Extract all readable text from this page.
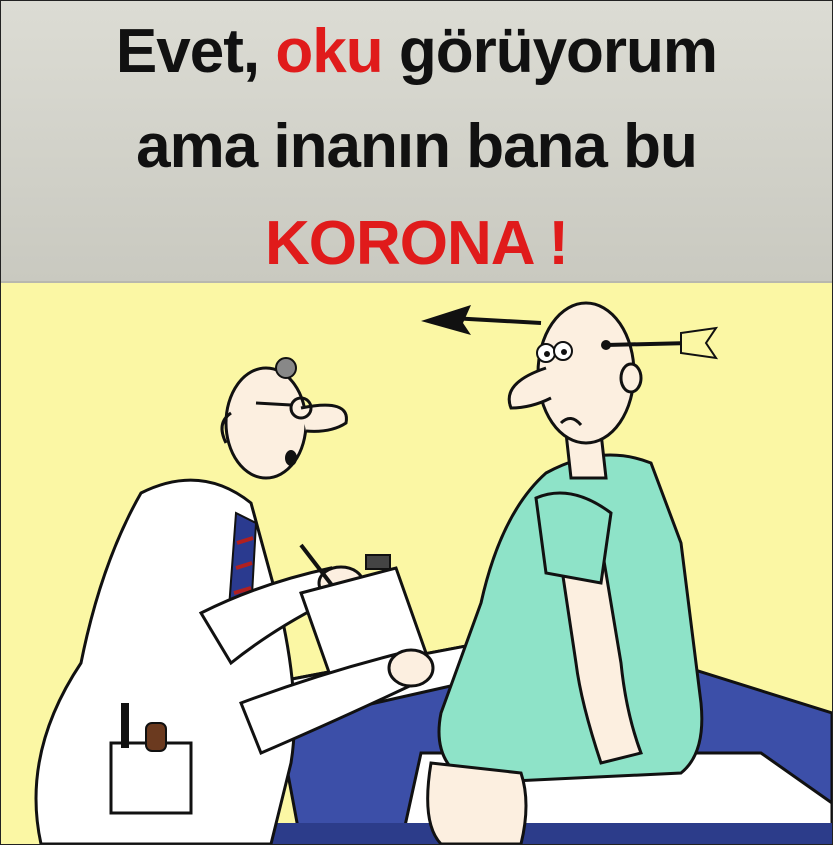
Evet, oku görüyorum
ama inanın bana bu
KORONA !
